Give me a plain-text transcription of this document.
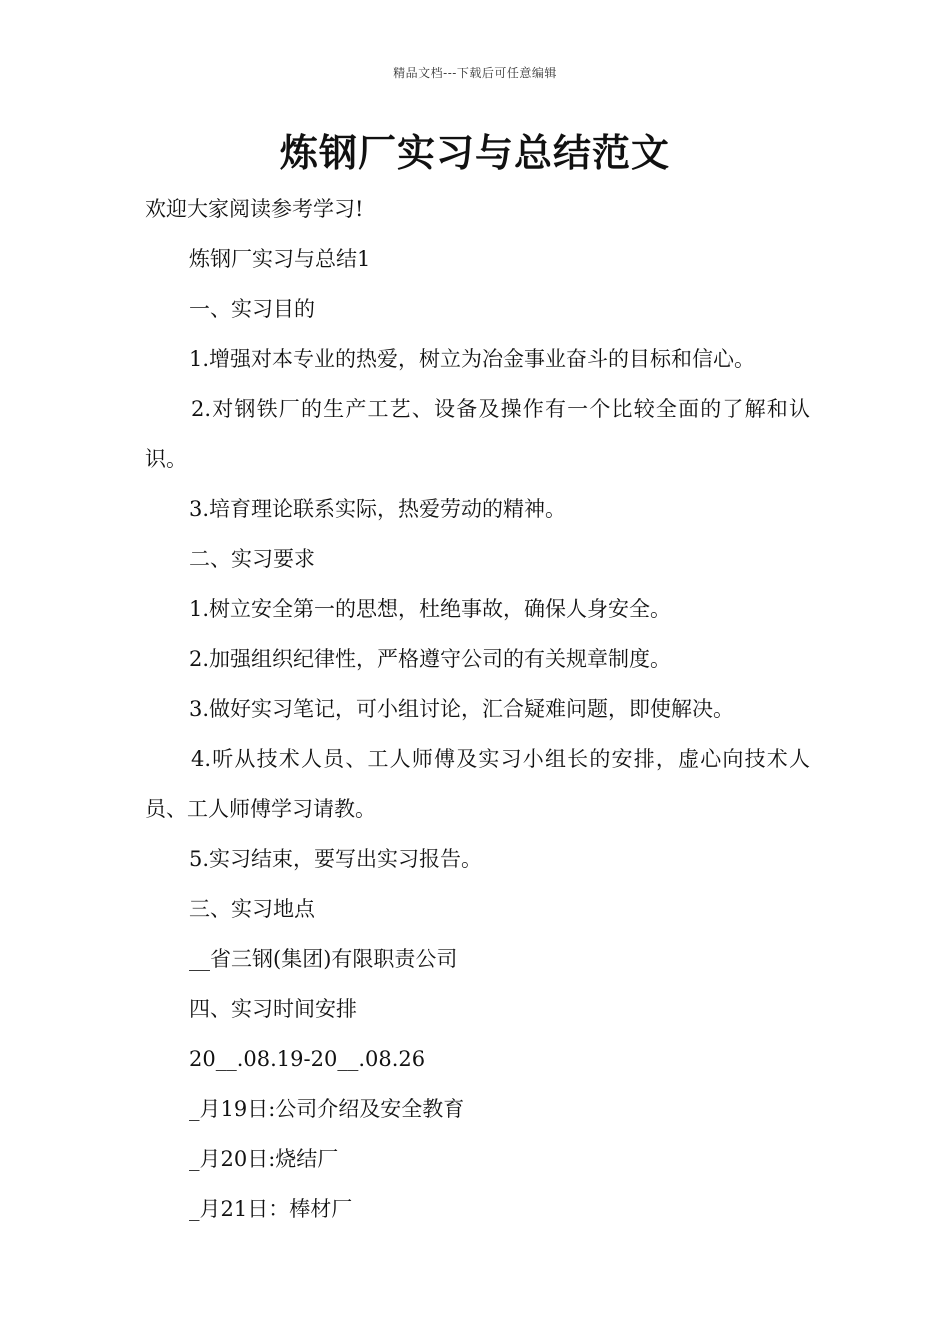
精品文档---下载后可任意编辑
炼钢厂实习与总结范文

欢迎大家阅读参考学习!

炼钢厂实习与总结1

一、实习目的

1.增强对本专业的热爱，树立为冶金事业奋斗的目标和信心。

2.对钢铁厂的生产工艺、设备及操作有一个比较全面的了解和认识。

3.培育理论联系实际，热爱劳动的精神。

二、实习要求

1.树立安全第一的思想，杜绝事故，确保人身安全。

2.加强组织纪律性，严格遵守公司的有关规章制度。

3.做好实习笔记，可小组讨论，汇合疑难问题，即使解决。

4.听从技术人员、工人师傅及实习小组长的安排，虚心向技术人员、工人师傅学习请教。

5.实习结束，要写出实习报告。

三、实习地点

__省三钢(集团)有限职责公司

四、实习时间安排

20__.08.19-20__.08.26

_月19日:公司介绍及安全教育

_月20日:烧结厂

_月21日：棒材厂
